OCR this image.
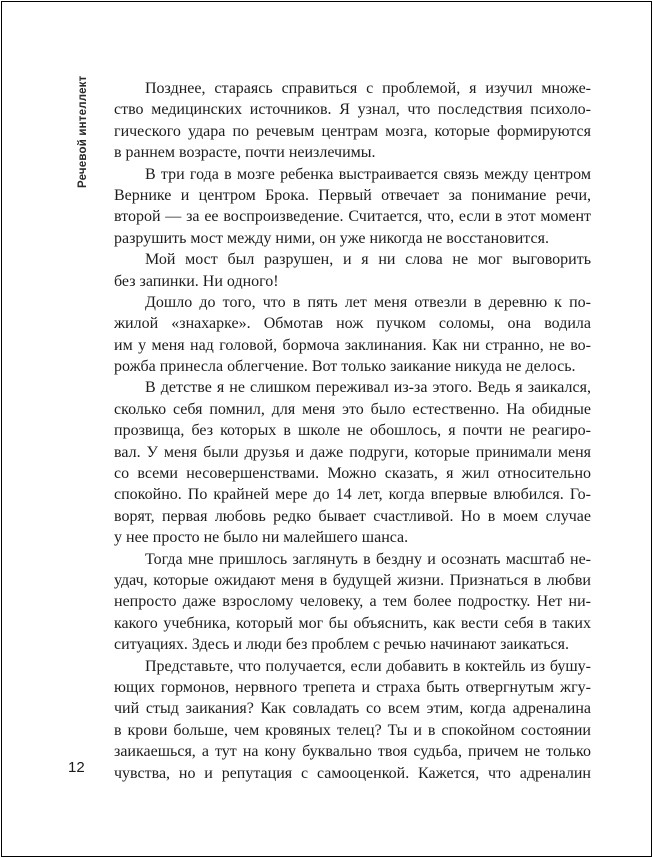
Речевой интеллект	Позднее, стараясь справиться с проблемой, я изучил множе-
ство медицинских источников. Я узнал, что последствия психоло-
гического удара по речевым центрам мозга, которые формируются
в раннем возрасте, почти неизлечимы.

В три года в мозге ребенка выстраивается связь между центром
Вернике и центром Брока. Первый отвечает за понимание речи,
второй — за ее воспроизведение. Считается, что, если в этот момент
разрушить мост между ними, он уже никогда не восстановится.

Мой мост был разрушен, и я ни слова не мог выговорить
без запинки. Ни одного!

Дошло до того, что в пять лет меня отвезли в деревню к по-
жилой «знахарке». Обмотав нож пучком соломы, она водила
им у меня над головой, бормоча заклинания. Как ни странно, не во-
рожба принесла облегчение. Вот только заикание никуда не делось.

В детстве я не слишком переживал из-за этого. Ведь я заикался,
сколько себя помнил, для меня это было естественно. На обидные
прозвища, без которых в школе не обошлось, я почти не реагиро-
вал. У меня были друзья и даже подруги, которые принимали меня
со всеми несовершенствами. Можно сказать, я жил относительно
спокойно. По крайней мере до 14 лет, когда впервые влюбился. Го-
ворят, первая любовь редко бывает счастливой. Но в моем случае
у нее просто не было ни малейшего шанса.

Тогда мне пришлось заглянуть в бездну и осознать масштаб не-
удач, которые ожидают меня в будущей жизни. Признаться в любви
непросто даже взрослому человеку, а тем более подростку. Нет ни-
какого учебника, который мог бы объяснить, как вести себя в таких
ситуациях. Здесь и люди без проблем с речью начинают заикаться.

Представьте, что получается, если добавить в коктейль из бушу-
ющих гормонов, нервного трепета и страха быть отвергнутым жгу-
чий стыд заикания? Как совладать со всем этим, когда адреналина
в крови больше, чем кровяных телец? Ты и в спокойном состоянии
заикаешься, а тут на кону буквально твоя судьба, причем не только
чувства, но и репутация с самооценкой. Кажется, что адреналин

12
